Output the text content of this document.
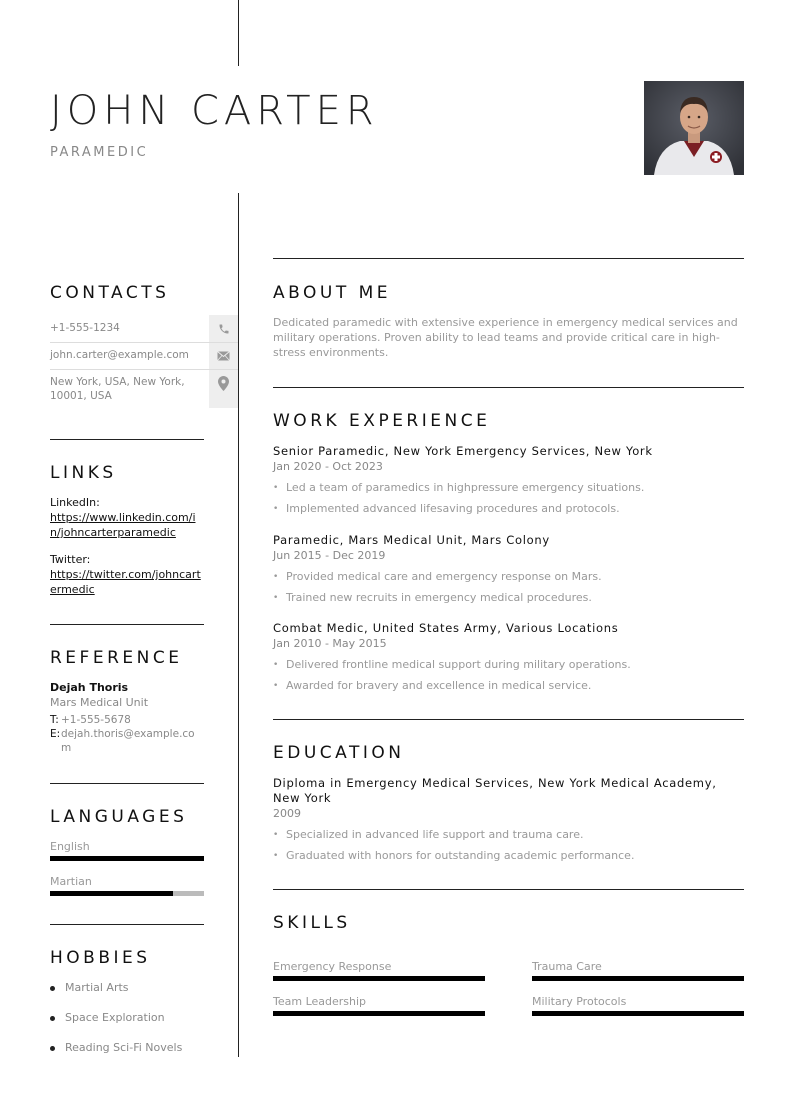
JOHN CARTER
PARAMEDIC
CONTACTS
+1-555-1234
john.carter@example.com
New York, USA, New York, 10001, USA
LINKS
LinkedIn:
https://www.linkedin.com/in/johncarterparamedic
Twitter:
https://twitter.com/johncartermedic
REFERENCE
Dejah Thoris
Mars Medical Unit
T: +1-555-5678
E: dejah.thoris@example.com
LANGUAGES
English
Martian
HOBBIES
Martial Arts
Space Exploration
Reading Sci-Fi Novels
ABOUT ME
Dedicated paramedic with extensive experience in emergency medical services and military operations. Proven ability to lead teams and provide critical care in high-stress environments.
WORK EXPERIENCE
Senior Paramedic, New York Emergency Services, New York
Jan 2020 - Oct 2023
• Led a team of paramedics in highpressure emergency situations.
• Implemented advanced lifesaving procedures and protocols.
Paramedic, Mars Medical Unit, Mars Colony
Jun 2015 - Dec 2019
• Provided medical care and emergency response on Mars.
• Trained new recruits in emergency medical procedures.
Combat Medic, United States Army, Various Locations
Jan 2010 - May 2015
• Delivered frontline medical support during military operations.
• Awarded for bravery and excellence in medical service.
EDUCATION
Diploma in Emergency Medical Services, New York Medical Academy, New York
2009
• Specialized in advanced life support and trauma care.
• Graduated with honors for outstanding academic performance.
SKILLS
Emergency Response	Trauma Care
Team Leadership	Military Protocols
